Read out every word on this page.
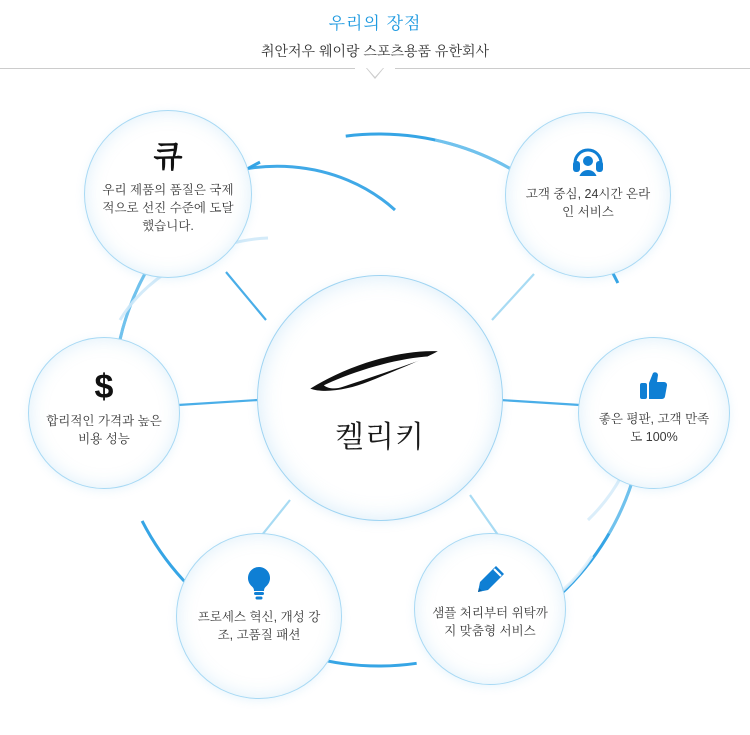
우리의 장점
취안저우 웨이랑 스포츠용품 유한회사
켈리키
큐
우리 제품의 품질은 국제적으로 선진 수준에 도달했습니다.
고객 중심, 24시간 온라인 서비스
좋은 평판, 고객 만족도 100%
샘플 처리부터 위탁까지 맞춤형 서비스
프로세스 혁신, 개성 강조, 고품질 패션
$
합리적인 가격과 높은 비용 성능
